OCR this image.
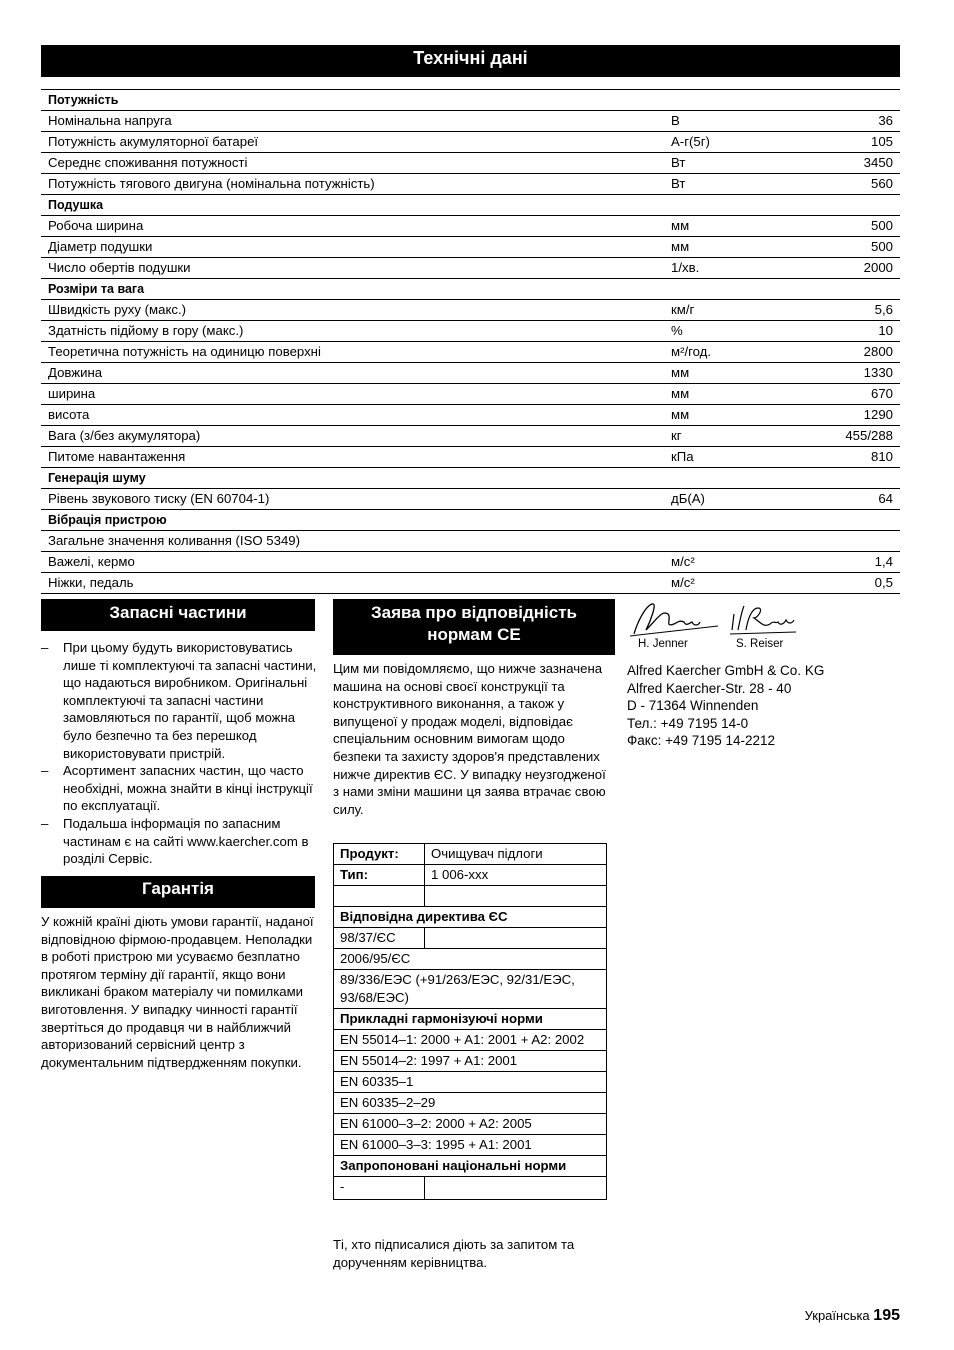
Технічні дані
Потужність		
Номінальна напруга	В	36
Потужність акумуляторної батареї	А-г(5г)	105
Середнє споживання потужності	Вт	3450
Потужність тягового двигуна (номінальна потужність)	Вт	560
Подушка		
Робоча ширина	мм	500
Діаметр подушки	мм	500
Число обертів подушки	1/хв.	2000
Розміри та вага		
Швидкість руху (макс.)	км/г	5,6
Здатність підйому в гору (макс.)	%	10
Теоретична потужність на одиницю поверхні	м²/год.	2800
Довжина	мм	1330
ширина	мм	670
висота	мм	1290
Вага (з/без акумулятора)	кг	455/288
Питоме навантаження	кПа	810
Генерація шуму		
Рівень звукового тиску (EN 60704-1)	дБ(А)	64
Вібрація пристрою		
Загальне значення коливання (ISO 5349)		
Важелі, кермо	м/с²	1,4
Ніжки, педаль	м/с²	0,5
Запасні частини
– При цьому будуть використовуватись лише ті комплектуючі та запасні частини, що надаються виробником. Оригінальні комплектуючі та запасні частини замовляються по гарантії, щоб можна було безпечно та без перешкод використовувати пристрій.
– Асортимент запасних частин, що часто необхідні, можна знайти в кінці інструкції по експлуатації.
– Подальша інформація по запасним частинам є на сайті www.kaercher.com в розділі Сервіс.
Гарантія

У кожній країні діють умови гарантії, наданої відповідною фірмою-продавцем. Неполадки в роботі пристрою ми усуваємо безплатно протягом терміну дії гарантії, якщо вони викликані браком матеріалу чи помилками виготовлення. У випадку чинності гарантії звертіться до продавця чи в найближчий авторизований сервісний центр з документальним підтвердженням покупки.

Заява про відповідність
нормам СЕ

Цим ми повідомляємо, що нижче зазначена машина на основі своєї конструкції та конструктивного виконання, а також у випущеної у продаж моделі, відповідає спеціальним основним вимогам щодо безпеки та захисту здоров'я представлених нижче директив ЄС. У випадку неузгодженої з нами зміни машини ця заява втрачає свою силу.

Продукт:	Очищувач підлоги
Тип:	1 006-xxx

Відповідна директива ЄС	
98/37/ЄС	
2006/95/ЄС	
89/336/ЕЭС (+91/263/ЕЭС, 92/31/ЕЭС, 93/68/ЕЭС)	
Прикладні гармонізуючі норми	
EN 55014–1: 2000 + A1: 2001 + A2: 2002	
EN 55014–2: 1997 + A1: 2001	
EN 60335–1	
EN 60335–2–29	
EN 61000–3–2: 2000 + A2: 2005	
EN 61000–3–3: 1995 + A1: 2001	
Запропоновані національні норми	
-	

Ті, хто підписалися діють за запитом та дорученням керівництва.

H. Jenner	S. Reiser
Alfred Kaercher GmbH & Co. KG
Alfred Kaercher-Str. 28 - 40
D - 71364 Winnenden
Тел.: +49 7195 14-0
Факс: +49 7195 14-2212
Українська 195
